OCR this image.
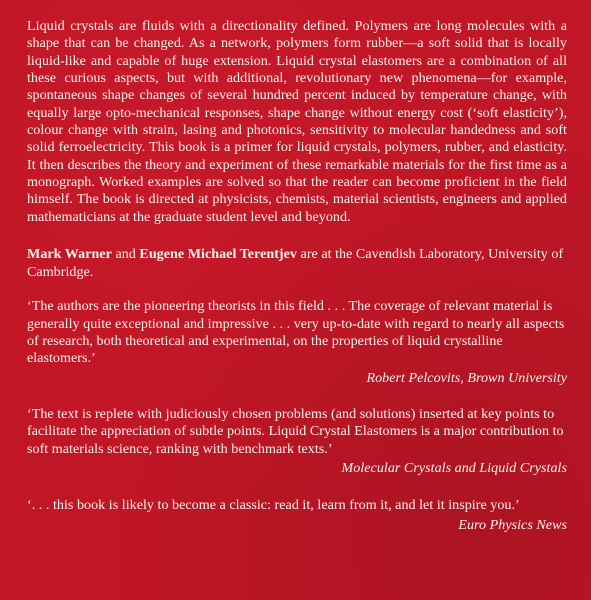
Liquid crystals are fluids with a directionality defined. Polymers are long molecules with a shape that can be changed. As a network, polymers form rubber—a soft solid that is locally liquid-like and capable of huge extension. Liquid crystal elastomers are a combination of all these curious aspects, but with additional, revolutionary new phenomena—for example, spontaneous shape changes of several hundred percent induced by temperature change, with equally large opto-mechanical responses, shape change without energy cost (‘soft elasticity’), colour change with strain, lasing and photonics, sensitivity to molecular handedness and soft solid ferroelectricity. This book is a primer for liquid crystals, polymers, rubber, and elasticity. It then describes the theory and experiment of these remarkable materials for the first time as a monograph. Worked examples are solved so that the reader can become proficient in the field himself. The book is directed at physicists, chemists, material scientists, engineers and applied mathematicians at the graduate student level and beyond.

Mark Warner and Eugene Michael Terentjev are at the Cavendish Laboratory, University of Cambridge.

‘The authors are the pioneering theorists in this field . . . The coverage of relevant material is generally quite exceptional and impressive . . . very up-to-date with regard to nearly all aspects of research, both theoretical and experimental, on the properties of liquid crystalline elastomers.’

Robert Pelcovits, Brown University

‘The text is replete with judiciously chosen problems (and solutions) inserted at key points to facilitate the appreciation of subtle points. Liquid Crystal Elastomers is a major contribution to soft materials science, ranking with benchmark texts.’

Molecular Crystals and Liquid Crystals

‘. . . this book is likely to become a classic: read it, learn from it, and let it inspire you.’

Euro Physics News
